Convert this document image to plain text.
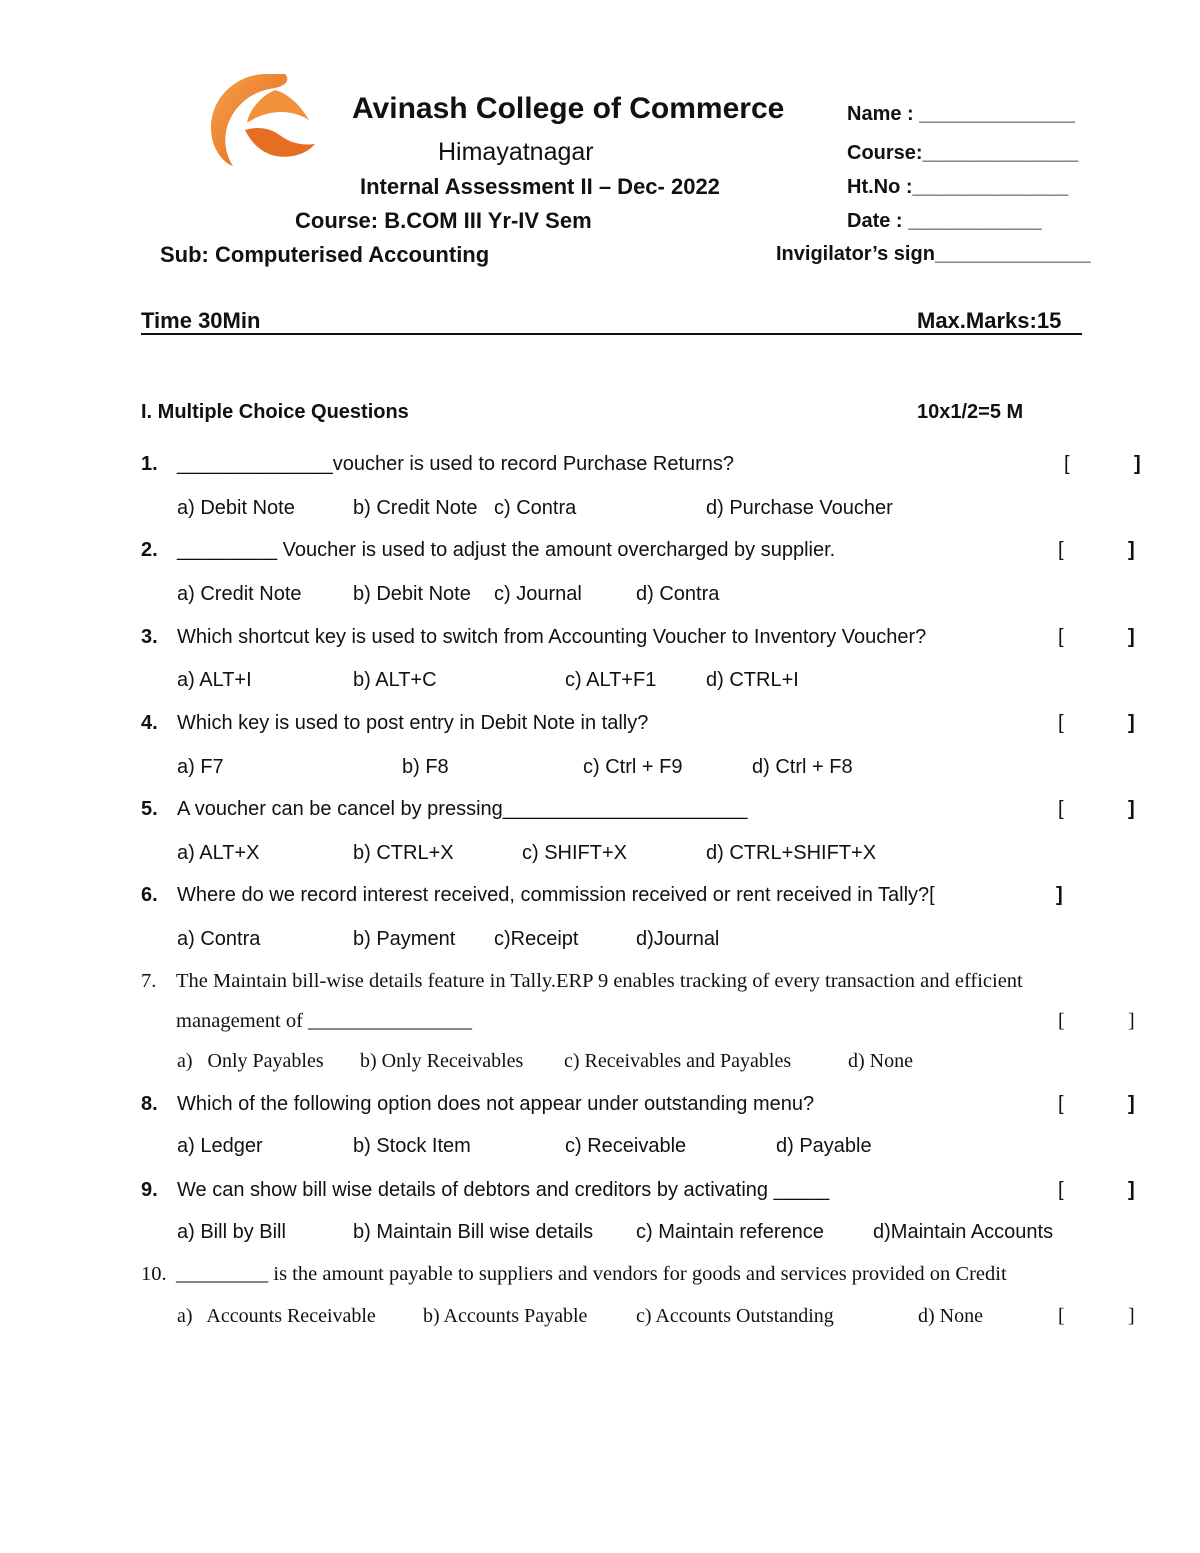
Avinash College of Commerce
Himayatnagar
Internal Assessment II – Dec- 2022
Course: B.COM III Yr-IV Sem
Sub: Computerised Accounting
Name : ______________
Course:______________
Ht.No :______________
Date : ____________
Invigilator’s sign______________
Time 30Min	Max.Marks:15
I. Multiple Choice Questions	10x1/2=5 M
1. ______________voucher is used to record Purchase Returns?	[	]
a) Debit Note	b) Credit Note c) Contra	d) Purchase Voucher
2. _________ Voucher is used to adjust the amount overcharged by supplier.	[	]
a) Credit Note	b) Debit Note c) Journal	d) Contra
3. Which shortcut key is used to switch from Accounting Voucher to Inventory Voucher?	[	]
a) ALT+I	b) ALT+C	c) ALT+F1 d) CTRL+I
4. Which key is used to post entry in Debit Note in tally?	[	]
a) F7	b) F8	c) Ctrl + F9	d) Ctrl + F8
5. A voucher can be cancel by pressing______________________	[	]
a) ALT+X	b) CTRL+X	c) SHIFT+X	d) CTRL+SHIFT+X
6. Where do we record interest received, commission received or rent received in Tally?[	]
a) Contra	b) Payment c)Receipt	d)Journal
7. The Maintain bill-wise details feature in Tally.ERP 9 enables tracking of every transaction and efficient
management of ________________	[	]
a)   Only Payables b) Only Receivables c) Receivables and Payables	d) None
8. Which of the following option does not appear under outstanding menu?	[	]
a) Ledger	b) Stock Item	c) Receivable	d) Payable
9. We can show bill wise details of debtors and creditors by activating _____	[	]
a) Bill by Bill	b) Maintain Bill wise details c) Maintain reference d)Maintain Accounts
10. _________ is the amount payable to suppliers and vendors for goods and services provided on Credit
a)   Accounts Receivable b) Accounts Payable c) Accounts Outstanding	d) None	[	]
